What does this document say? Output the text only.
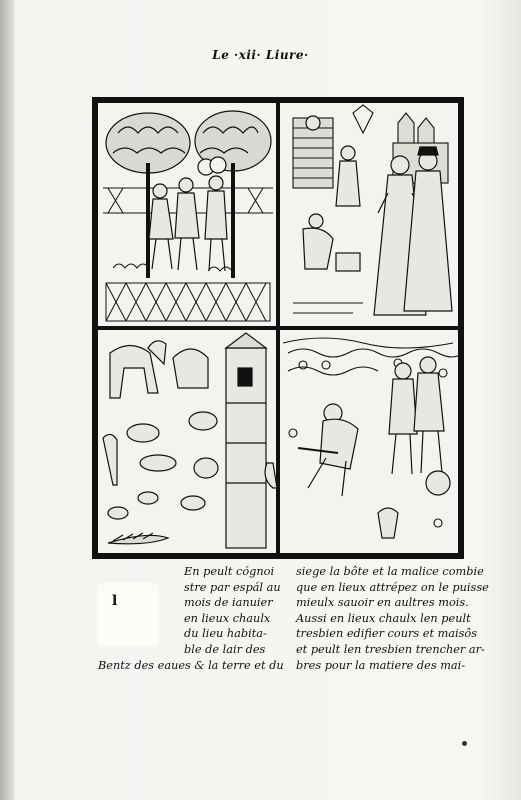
Le ·xii· Liure·
l
En peult cógnoi
stre par espál au
mois de ianuier
en lieux chaulx
du lieu habita-
ble de lair des
Bentz des eaues & la terre et du
siege la bôte et la malice combie
que en lieux attrépez on le puisse
mieulx sauoir en aultres mois.
Aussi en lieux chaulx len peult
tresbien edifier cours et maisôs
et peult len tresbien trencher ar-
bres pour la matiere des mai-
